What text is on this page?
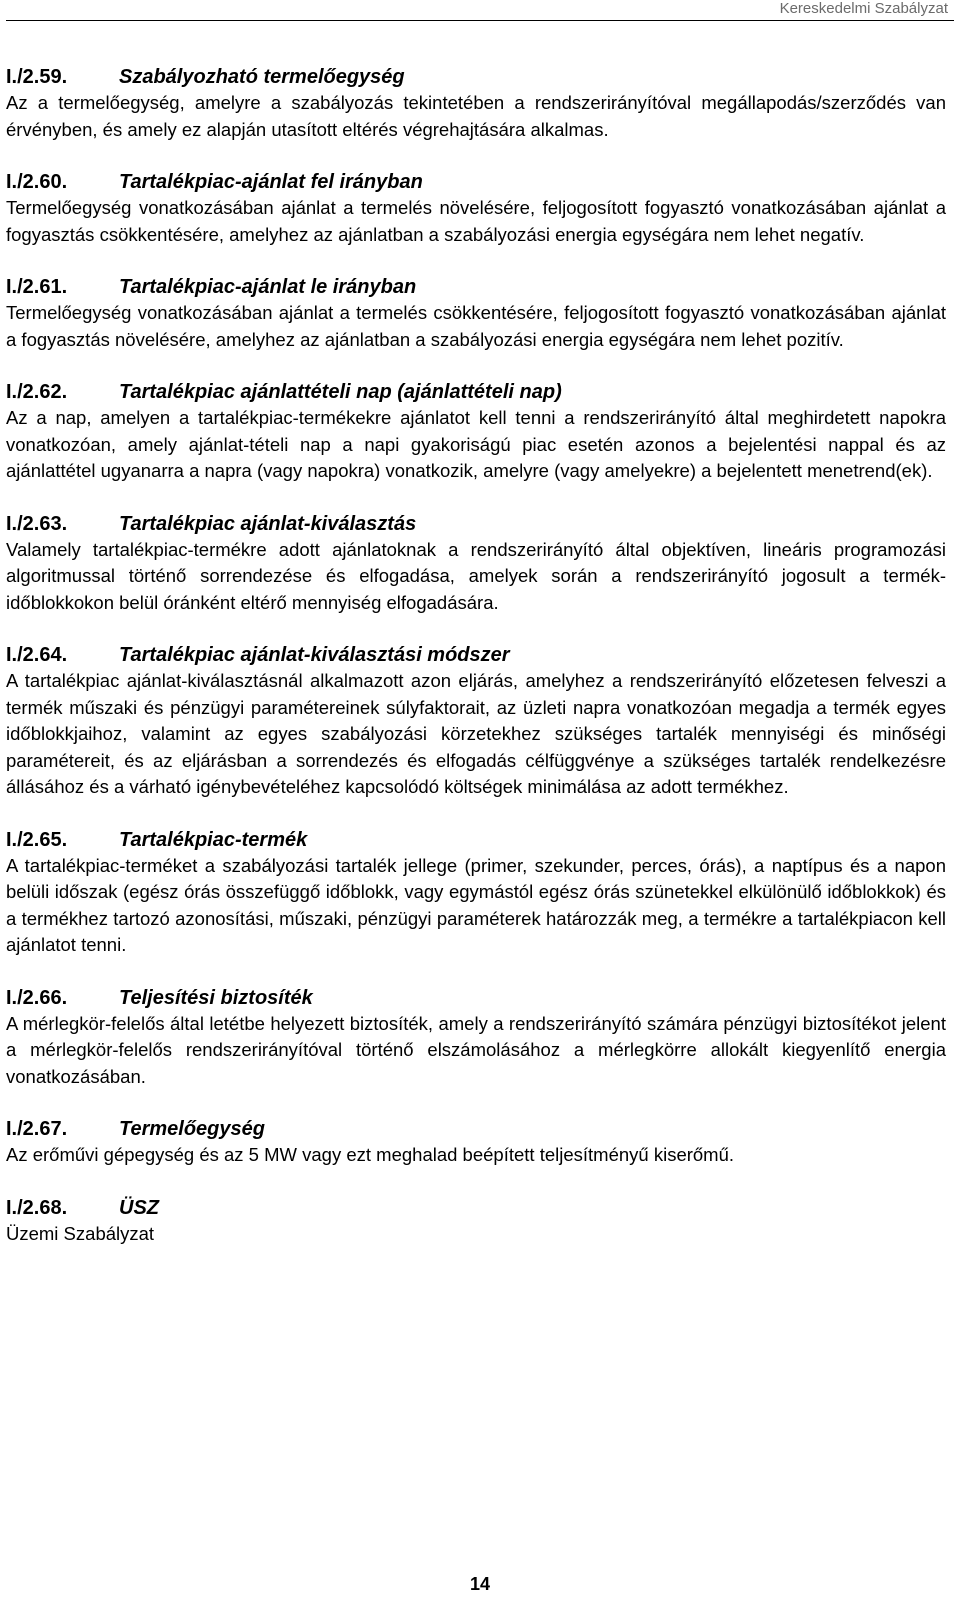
Kereskedelmi Szabályzat
I./2.59.	Szabályozható termelőegység

Az a termelőegység, amelyre a szabályozás tekintetében a rendszerirányítóval megállapodás/szerződés van érvényben, és amely ez alapján utasított eltérés végrehajtására alkalmas.

I./2.60.	Tartalékpiac-ajánlat fel irányban

Termelőegység vonatkozásában ajánlat a termelés növelésére, feljogosított fogyasztó vonatkozásában ajánlat a fogyasztás csökkentésére, amelyhez az ajánlatban a szabályozási energia egységára nem lehet negatív.

I./2.61.	Tartalékpiac-ajánlat le irányban

Termelőegység vonatkozásában ajánlat a termelés csökkentésére, feljogosított fogyasztó vonatkozásában ajánlat a fogyasztás növelésére, amelyhez az ajánlatban a szabályozási energia egységára nem lehet pozitív.

I./2.62.	Tartalékpiac ajánlattételi nap (ajánlattételi nap)

Az a nap, amelyen a tartalékpiac-termékekre ajánlatot kell tenni a rendszerirányító által meghirdetett napokra vonatkozóan, amely ajánlat-tételi nap a napi gyakoriságú piac esetén azonos a bejelentési nappal és az ajánlattétel ugyanarra a napra (vagy napokra) vonatkozik, amelyre (vagy amelyekre) a bejelentett menetrend(ek).

I./2.63.	Tartalékpiac ajánlat-kiválasztás

Valamely tartalékpiac-termékre adott ajánlatoknak a rendszerirányító által objektíven, lineáris programozási algoritmussal történő sorrendezése és elfogadása, amelyek során a rendszerirányító jogosult a termék-időblokkokon belül óránként eltérő mennyiség elfogadására.

I./2.64.	Tartalékpiac ajánlat-kiválasztási módszer

A tartalékpiac ajánlat-kiválasztásnál alkalmazott azon eljárás, amelyhez a rendszerirányító előzetesen felveszi a termék műszaki és pénzügyi paramétereinek súlyfaktorait, az üzleti napra vonatkozóan megadja a termék egyes időblokkjaihoz, valamint az egyes szabályozási körzetekhez szükséges tartalék mennyiségi és minőségi paramétereit, és az eljárásban a sorrendezés és elfogadás célfüggvénye a szükséges tartalék rendelkezésre állásához és a várható igénybevételéhez kapcsolódó költségek minimálása az adott termékhez.

I./2.65.	Tartalékpiac-termék

A tartalékpiac-terméket a szabályozási tartalék jellege (primer, szekunder, perces, órás), a naptípus és a napon belüli időszak (egész órás összefüggő időblokk, vagy egymástól egész órás szünetekkel elkülönülő időblokkok) és a termékhez tartozó azonosítási, műszaki, pénzügyi paraméterek határozzák meg, a termékre a tartalékpiacon kell ajánlatot tenni.

I./2.66.	Teljesítési biztosíték

A mérlegkör-felelős által letétbe helyezett biztosíték, amely a rendszerirányító számára pénzügyi biztosítékot jelent a mérlegkör-felelős rendszerirányítóval történő elszámolásához a mérlegkörre allokált kiegyenlítő energia vonatkozásában.

I./2.67.	Termelőegység

Az erőművi gépegység és az 5 MW vagy ezt meghalad beépített teljesítményű kiserőmű.

I./2.68.	ÜSZ

Üzemi Szabályzat

14
